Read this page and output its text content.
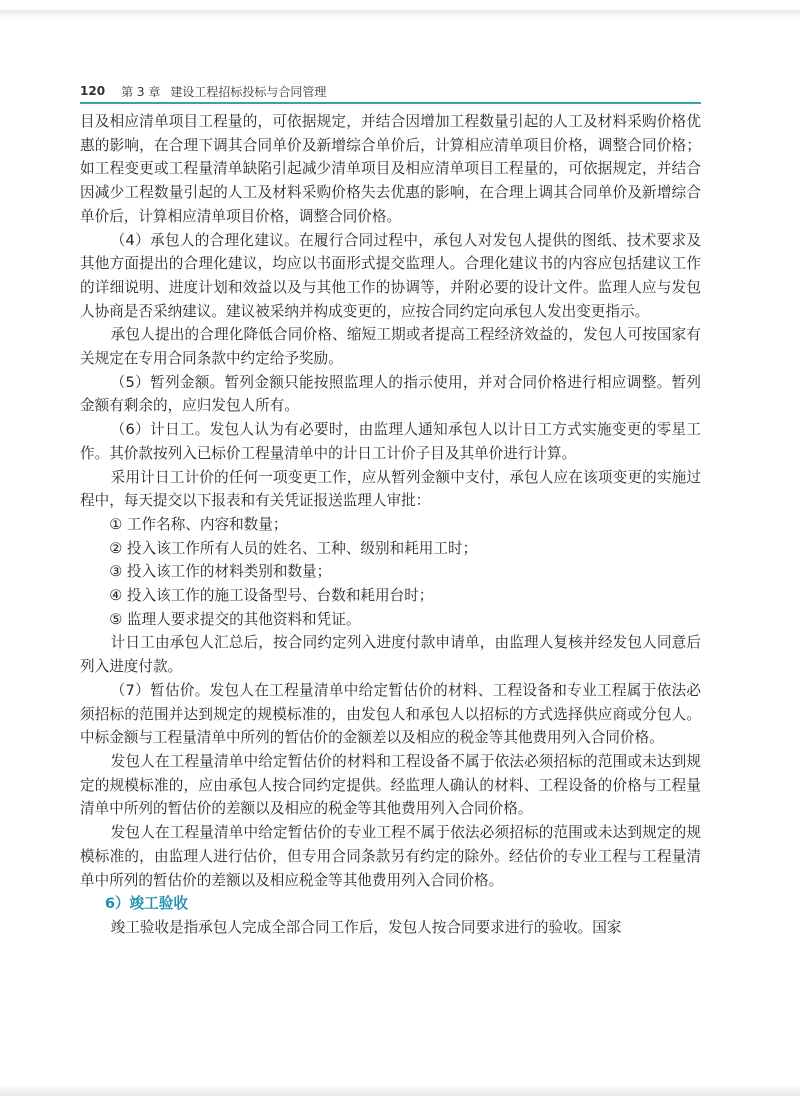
120 第 3 章 建设工程招标投标与合同管理

目及相应清单项目工程量的，可依据规定，并结合因增加工程数量引起的人工及材料采购价格优惠的影响，在合理下调其合同单价及新增综合单价后，计算相应清单项目价格，调整合同价格；如工程变更或工程量清单缺陷引起减少清单项目及相应清单项目工程量的，可依据规定，并结合因减少工程数量引起的人工及材料采购价格失去优惠的影响，在合理上调其合同单价及新增综合单价后，计算相应清单项目价格，调整合同价格。

（4）承包人的合理化建议。在履行合同过程中，承包人对发包人提供的图纸、技术要求及其他方面提出的合理化建议，均应以书面形式提交监理人。合理化建议书的内容应包括建议工作的详细说明、进度计划和效益以及与其他工作的协调等，并附必要的设计文件。监理人应与发包人协商是否采纳建议。建议被采纳并构成变更的，应按合同约定向承包人发出变更指示。

承包人提出的合理化降低合同价格、缩短工期或者提高工程经济效益的，发包人可按国家有关规定在专用合同条款中约定给予奖励。

（5）暂列金额。暂列金额只能按照监理人的指示使用，并对合同价格进行相应调整。暂列金额有剩余的，应归发包人所有。

（6）计日工。发包人认为有必要时，由监理人通知承包人以计日工方式实施变更的零星工作。其价款按列入已标价工程量清单中的计日工计价子目及其单价进行计算。

采用计日工计价的任何一项变更工作，应从暂列金额中支付，承包人应在该项变更的实施过程中，每天提交以下报表和有关凭证报送监理人审批：

① 工作名称、内容和数量；

② 投入该工作所有人员的姓名、工种、级别和耗用工时；

③ 投入该工作的材料类别和数量；

④ 投入该工作的施工设备型号、台数和耗用台时；

⑤ 监理人要求提交的其他资料和凭证。

计日工由承包人汇总后，按合同约定列入进度付款申请单，由监理人复核并经发包人同意后列入进度付款。

（7）暂估价。发包人在工程量清单中给定暂估价的材料、工程设备和专业工程属于依法必须招标的范围并达到规定的规模标准的，由发包人和承包人以招标的方式选择供应商或分包人。中标金额与工程量清单中所列的暂估价的金额差以及相应的税金等其他费用列入合同价格。

发包人在工程量清单中给定暂估价的材料和工程设备不属于依法必须招标的范围或未达到规定的规模标准的，应由承包人按合同约定提供。经监理人确认的材料、工程设备的价格与工程量清单中所列的暂估价的差额以及相应的税金等其他费用列入合同价格。

发包人在工程量清单中给定暂估价的专业工程不属于依法必须招标的范围或未达到规定的规模标准的，由监理人进行估价，但专用合同条款另有约定的除外。经估价的专业工程与工程量清单中所列的暂估价的差额以及相应税金等其他费用列入合同价格。

6）竣工验收

竣工验收是指承包人完成全部合同工作后，发包人按合同要求进行的验收。国家
